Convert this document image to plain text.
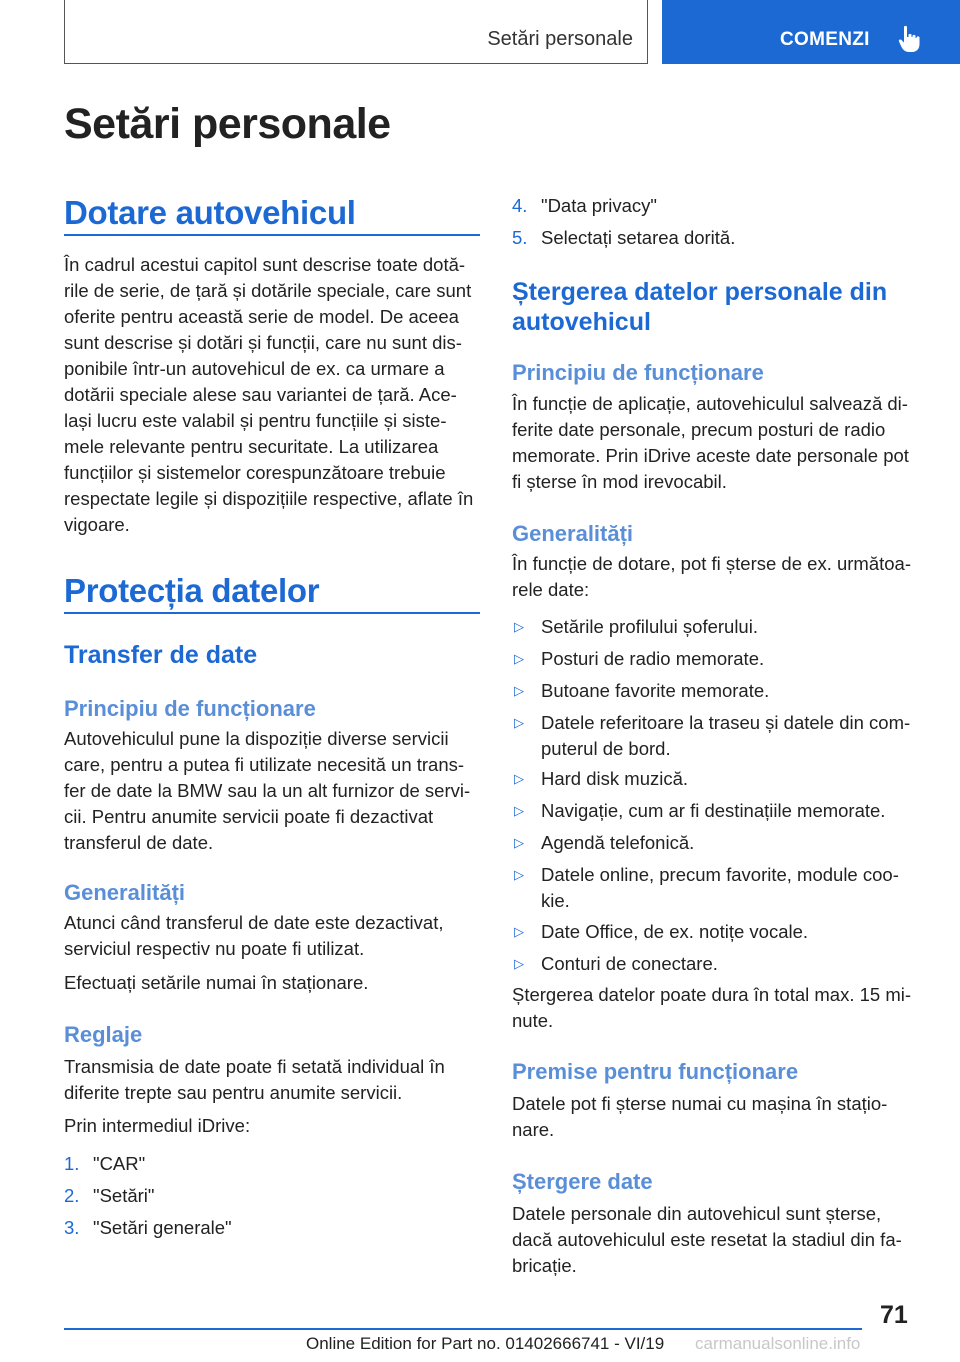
Setări personale	COMENZI
Setări personale
Dotare autovehicul
În cadrul acestui capitol sunt descrise toate dotă‐ rile de serie, de țară și dotările speciale, care sunt oferite pentru această serie de model. De aceea sunt descrise și dotări și funcții, care nu sunt dis‐ ponibile într-un autovehicul de ex. ca urmare a dotării speciale alese sau variantei de țară. Ace‐ lași lucru este valabil și pentru funcțiile și siste‐ mele relevante pentru securitate. La utilizarea funcțiilor și sistemelor corespunzătoare trebuie respectate legile și dispozițiile respective, aflate în vigoare.
Protecția datelor
Transfer de date
Principiu de funcționare
Autovehiculul pune la dispoziție diverse servicii care, pentru a putea fi utilizate necesită un trans‐ fer de date la BMW sau la un alt furnizor de servi‐ cii. Pentru anumite servicii poate fi dezactivat transferul de date.
Generalități
Atunci când transferul de date este dezactivat, serviciul respectiv nu poate fi utilizat.
Efectuați setările numai în staționare.
Reglaje
Transmisia de date poate fi setată individual în diferite trepte sau pentru anumite servicii.
Prin intermediul iDrive:
1. "CAR"
2. "Setări"
3. "Setări generale"
4. "Data privacy"
5. Selectați setarea dorită.
Ștergerea datelor personale din autovehicul
Principiu de funcționare
În funcție de aplicație, autovehiculul salvează di‐ ferite date personale, precum posturi de radio memorate. Prin iDrive aceste date personale pot fi șterse în mod irevocabil.
Generalități
În funcție de dotare, pot fi șterse de ex. următoa‐ rele date:
▷ Setările profilului șoferului.
▷ Posturi de radio memorate.
▷ Butoane favorite memorate.
▷ Datele referitoare la traseu și datele din com‐ puterul de bord.
▷ Hard disk muzică.
▷ Navigație, cum ar fi destinațiile memorate.
▷ Agendă telefonică.
▷ Datele online, precum favorite, module coo‐ kie.
▷ Date Office, de ex. notițe vocale.
▷ Conturi de conectare.
Ștergerea datelor poate dura în total max. 15 mi‐ nute.
Premise pentru funcționare
Datele pot fi șterse numai cu mașina în stațio‐ nare.
Ștergere date
Datele personale din autovehicul sunt șterse, dacă autovehiculul este resetat la stadiul din fa‐ bricație.
71
Online Edition for Part no. 01402666741 - VI/19 carmanualsonline.info
